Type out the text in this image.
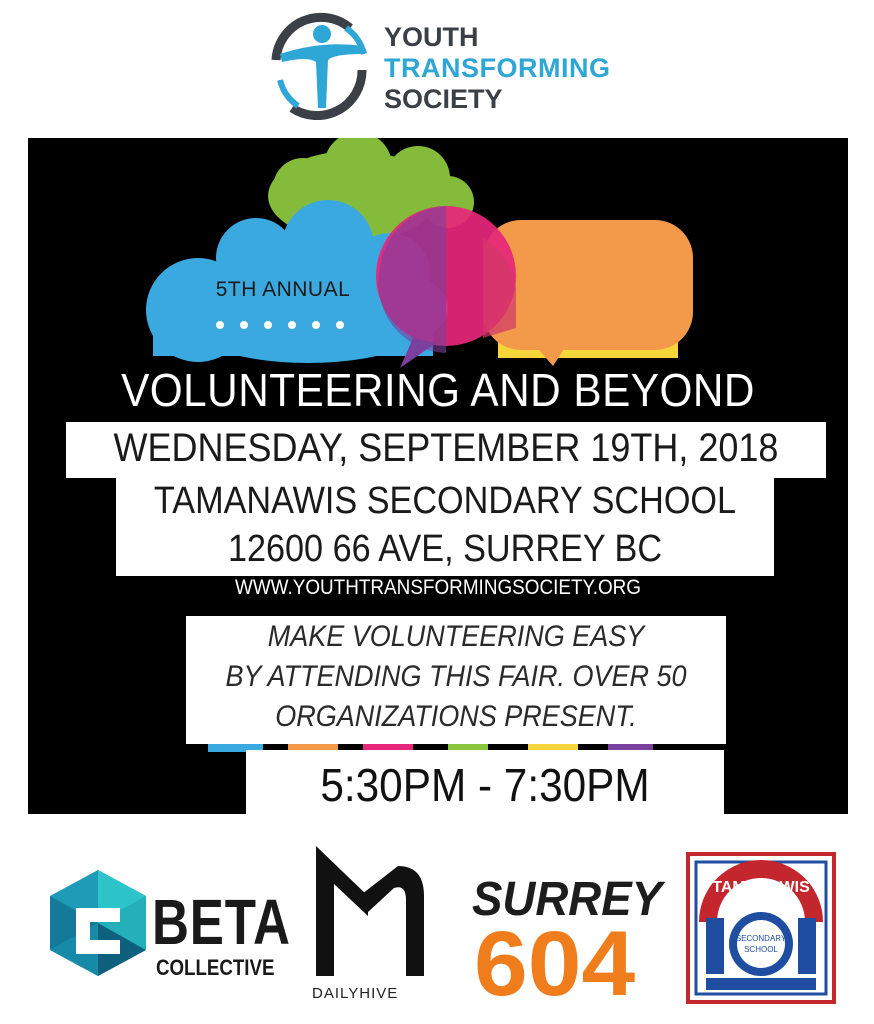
YOUTH
TRANSFORMING
SOCIETY
5TH ANNUAL
VOLUNTEERING AND BEYOND
WEDNESDAY, SEPTEMBER 19TH, 2018
TAMANAWIS SECONDARY SCHOOL
12600 66 AVE, SURREY BC
WWW.YOUTHTRANSFORMINGSOCIETY.ORG
MAKE VOLUNTEERING EASY
BY ATTENDING THIS FAIR. OVER 50
ORGANIZATIONS PRESENT.
5:30PM - 7:30PM
BETA
COLLECTIVE
DAILYHIVE
SURREY
604
TAMANAWIS
SECONDARY
SCHOOL
